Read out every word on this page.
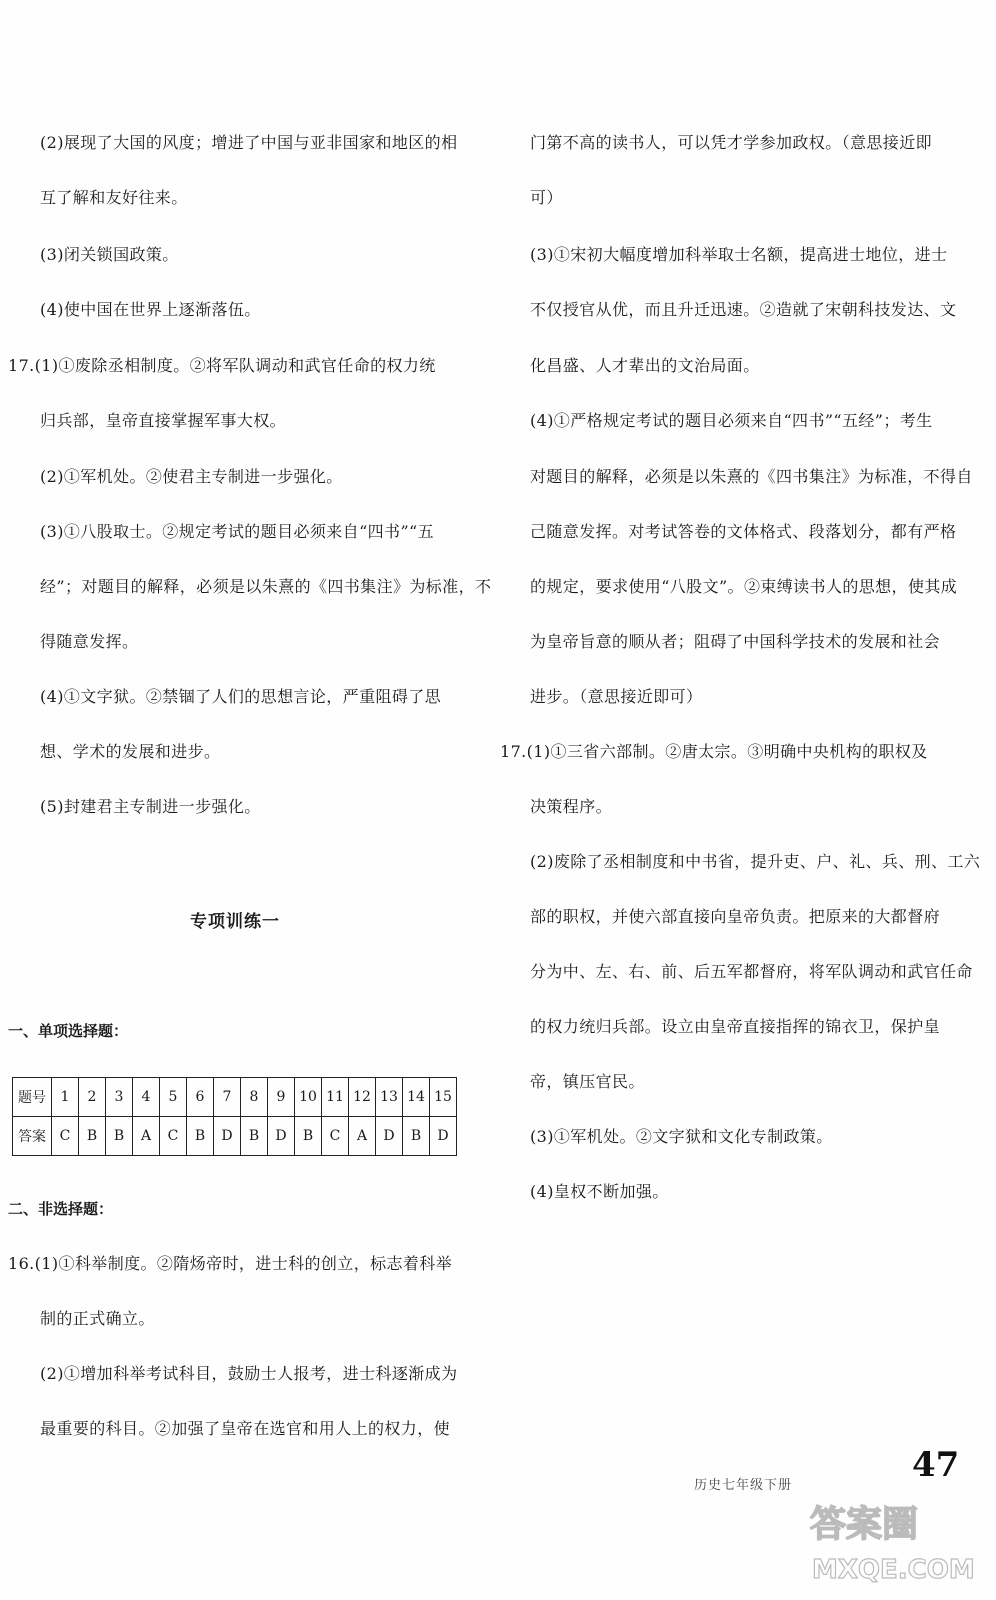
(2)展现了大国的风度；增进了中国与亚非国家和地区的相
互了解和友好往来。
(3)闭关锁国政策。
(4)使中国在世界上逐渐落伍。
17.(1)①废除丞相制度。②将军队调动和武官任命的权力统
归兵部，皇帝直接掌握军事大权。
(2)①军机处。②使君主专制进一步强化。
(3)①八股取士。②规定考试的题目必须来自“四书”“五
经”；对题目的解释，必须是以朱熹的《四书集注》为标准，不
得随意发挥。
(4)①文字狱。②禁锢了人们的思想言论，严重阻碍了思
想、学术的发展和进步。
(5)封建君主专制进一步强化。
专项训练一
一、单项选择题：
题号	1	2	3	4	5	6	7	8	9	10	11	12	13	14	15
答案	C	B	B	A	C	B	D	B	D	B	C	A	D	B	D
二、非选择题：
16.(1)①科举制度。②隋炀帝时，进士科的创立，标志着科举
制的正式确立。
(2)①增加科举考试科目，鼓励士人报考，进士科逐渐成为
最重要的科目。②加强了皇帝在选官和用人上的权力，使
门第不高的读书人，可以凭才学参加政权。（意思接近即
可）
(3)①宋初大幅度增加科举取士名额，提高进士地位，进士
不仅授官从优，而且升迁迅速。②造就了宋朝科技发达、文
化昌盛、人才辈出的文治局面。
(4)①严格规定考试的题目必须来自“四书”“五经”；考生
对题目的解释，必须是以朱熹的《四书集注》为标准，不得自
己随意发挥。对考试答卷的文体格式、段落划分，都有严格
的规定，要求使用“八股文”。②束缚读书人的思想，使其成
为皇帝旨意的顺从者；阻碍了中国科学技术的发展和社会
进步。（意思接近即可）
17.(1)①三省六部制。②唐太宗。③明确中央机构的职权及
决策程序。
(2)废除了丞相制度和中书省，提升吏、户、礼、兵、刑、工六
部的职权，并使六部直接向皇帝负责。把原来的大都督府
分为中、左、右、前、后五军都督府，将军队调动和武官任命
的权力统归兵部。设立由皇帝直接指挥的锦衣卫，保护皇
帝，镇压官民。
(3)①军机处。②文字狱和文化专制政策。
(4)皇权不断加强。
历史七年级下册
47
答案圈
MXQE.COM
